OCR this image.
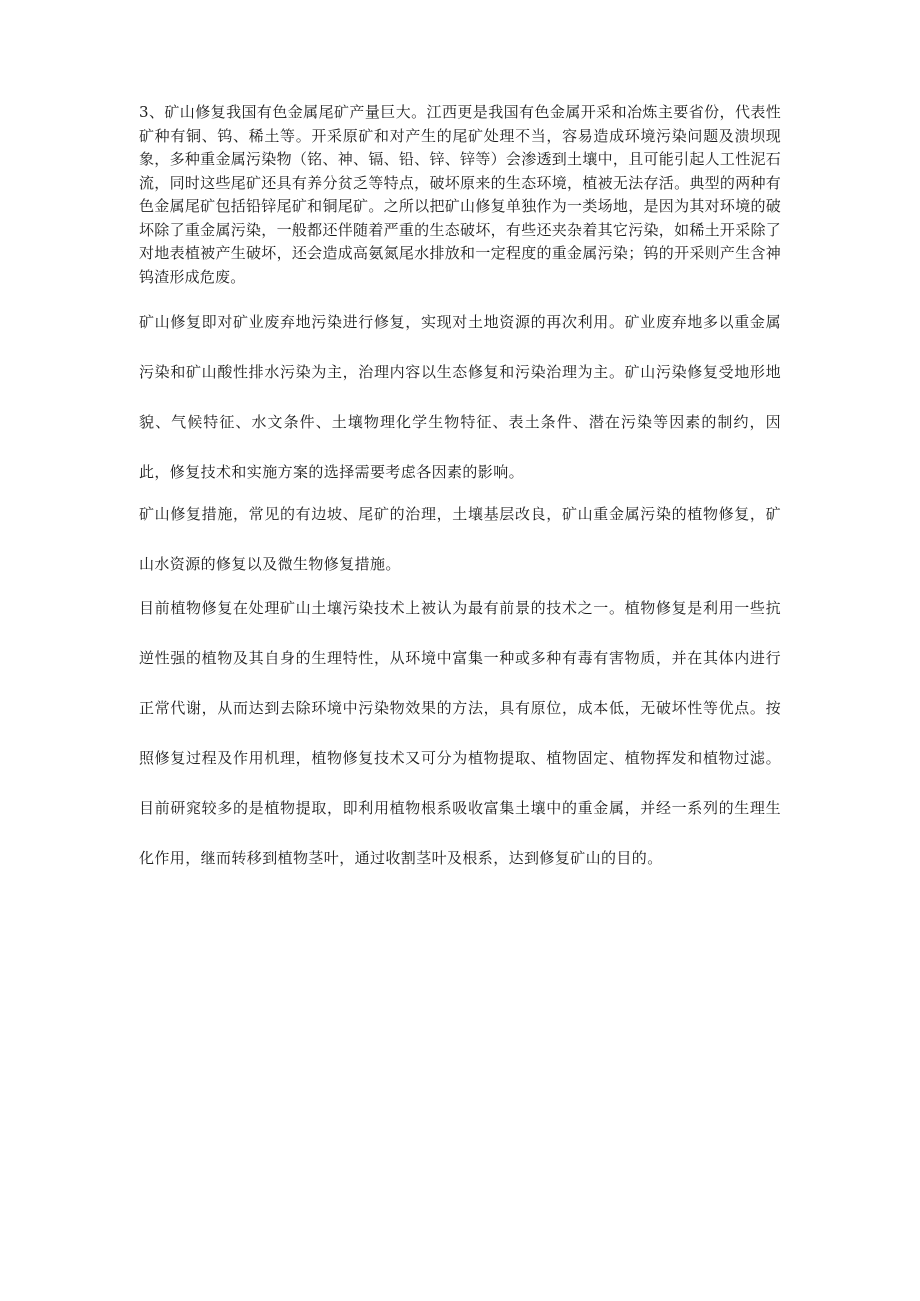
3、矿山修复我国有色金属尾矿产量巨大。江西更是我国有色金属开采和冶炼主要省份，代表性矿种有铜、钨、稀土等。开采原矿和对产生的尾矿处理不当，容易造成环境污染问题及溃坝现象，多种重金属污染物（铭、神、镉、铅、锌、锌等）会渗透到土壤中，且可能引起人工性泥石流，同时这些尾矿还具有养分贫乏等特点，破坏原来的生态环境，植被无法存活。典型的两种有色金属尾矿包括铅锌尾矿和铜尾矿。之所以把矿山修复单独作为一类场地，是因为其对环境的破坏除了重金属污染，一般都还伴随着严重的生态破坏，有些还夹杂着其它污染，如稀土开采除了对地表植被产生破坏，还会造成高氨氮尾水排放和一定程度的重金属污染；钨的开采则产生含神钨渣形成危废。

矿山修复即对矿业废弃地污染进行修复，实现对土地资源的再次利用。矿业废弃地多以重金属污染和矿山酸性排水污染为主，治理内容以生态修复和污染治理为主。矿山污染修复受地形地貌、气候特征、水文条件、土壤物理化学生物特征、表土条件、潜在污染等因素的制约，因此，修复技术和实施方案的选择需要考虑各因素的影响。

矿山修复措施，常见的有边坡、尾矿的治理，土壤基层改良，矿山重金属污染的植物修复，矿山水资源的修复以及微生物修复措施。

目前植物修复在处理矿山土壤污染技术上被认为最有前景的技术之一。植物修复是利用一些抗逆性强的植物及其自身的生理特性，从环境中富集一种或多种有毒有害物质，并在其体内进行正常代谢，从而达到去除环境中污染物效果的方法，具有原位，成本低，无破坏性等优点。按照修复过程及作用机理，植物修复技术又可分为植物提取、植物固定、植物挥发和植物过滤。目前研窕较多的是植物提取，即利用植物根系吸收富集土壤中的重金属，并经一系列的生理生化作用，继而转移到植物茎叶，通过收割茎叶及根系，达到修复矿山的目的。
